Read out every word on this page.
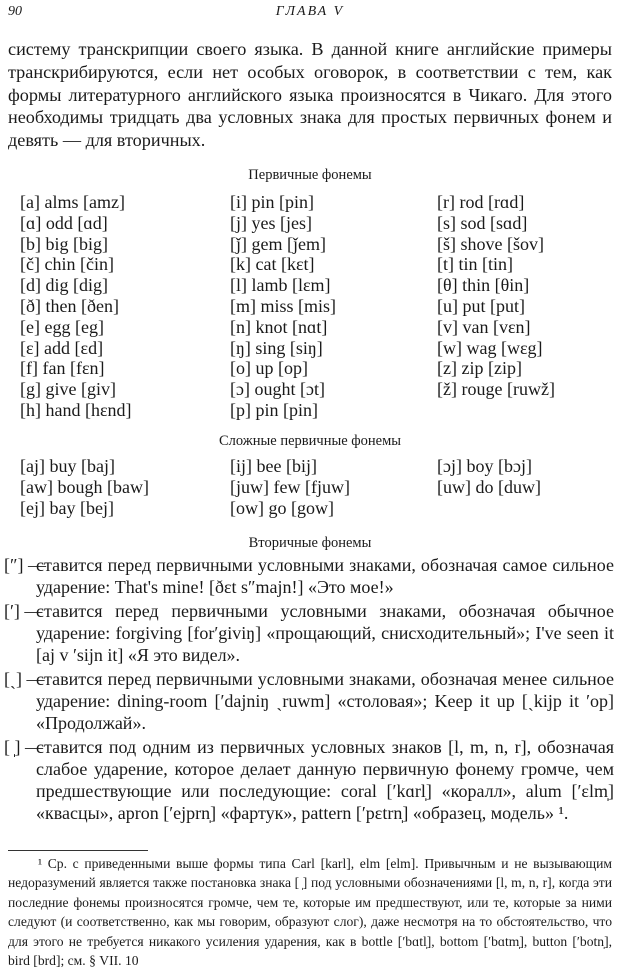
90	ГЛАВА V

систему транскрипции своего языка. В данной книге английские примеры транскрибируются, если нет особых оговорок, в соответствии с тем, как формы литературного английского языка произносятся в Чикаго. Для этого необходимы тридцать два условных знака для простых первичных фонем и девять — для вторичных.

Первичные фонемы
[a] alms [amz]
[ɑ] odd [ɑd]
[b] big [big]
[č] chin [čin]
[d] dig [dig]
[ð] then [ðen]
[e] egg [eg]
[ɛ] add [ɛd]
[f] fan [fɛn]
[g] give [giv]
[h] hand [hɛnd]
[i] pin [pin]
[j] yes [jes]
[ǰ] gem [ǰem]
[k] cat [kɛt]
[l] lamb [lɛm]
[m] miss [mis]
[n] knot [nɑt]
[ŋ] sing [siŋ]
[o] up [op]
[ɔ] ought [ɔt]
[p] pin [pin]
[r] rod [rɑd]
[s] sod [sɑd]
[š] shove [šov]
[t] tin [tin]
[θ] thin [θin]
[u] put [put]
[v] van [vɛn]
[w] wag [wɛg]
[z] zip [zip]
[ž] rouge [ruwž]
Сложные первичные фонемы
[aj] buy [baj]
[aw] bough [baw]
[ej] bay [bej]
[ij] bee [bij]
[juw] few [fjuw]
[ow] go [gow]
[ɔj] boy [bɔj]
[uw] do [duw]
Вторичные фонемы
[″] —
ставится перед первичными условными знаками, обозначая самое сильное ударение: That's mine! [ðɛt s″majn!] «Это мое!»
[′] —
ставится перед первичными условными знаками, обозначая обычное ударение: forgiving [for′giviŋ] «прощающий, снисходительный»; I've seen it [aj v ′sijn it] «Я это видел».
[ˏ] —
ставится перед первичными условными знаками, обозначая менее сильное ударение: dining-room [′dajniŋ ˏruwm] «столовая»; Keep it up [ˏkijp it ′op] «Продолжай».
[ ̩] —
ставится под одним из первичных условных знаков [l, m, n, r], обозначая слабое ударение, которое делает данную первичную фонему громче, чем предшествующие или последующие: coral [′kɑrl̩] «коралл», alum [′ɛlm̩] «квасцы», apron [′ejprn̩] «фартук», pattern [′pɛtrn̩] «образец, модель» ¹.
¹ Ср. с приведенными выше формы типа Carl [karl], elm [elm]. Привычным и не вызывающим недоразумений является также постановка знака [ ̩] под условными обозначениями [l, m, n, r], когда эти последние фонемы произносятся громче, чем те, которые им предшествуют, или те, которые за ними следуют (и соответственно, как мы говорим, образуют слог), даже несмотря на то обстоятельство, что для этого не требуется никакого усиления ударения, как в bottle [′bɑtl̩], bottom [′bɑtm̩], button [′botn̩], bird [brd]; см. § VII. 10
